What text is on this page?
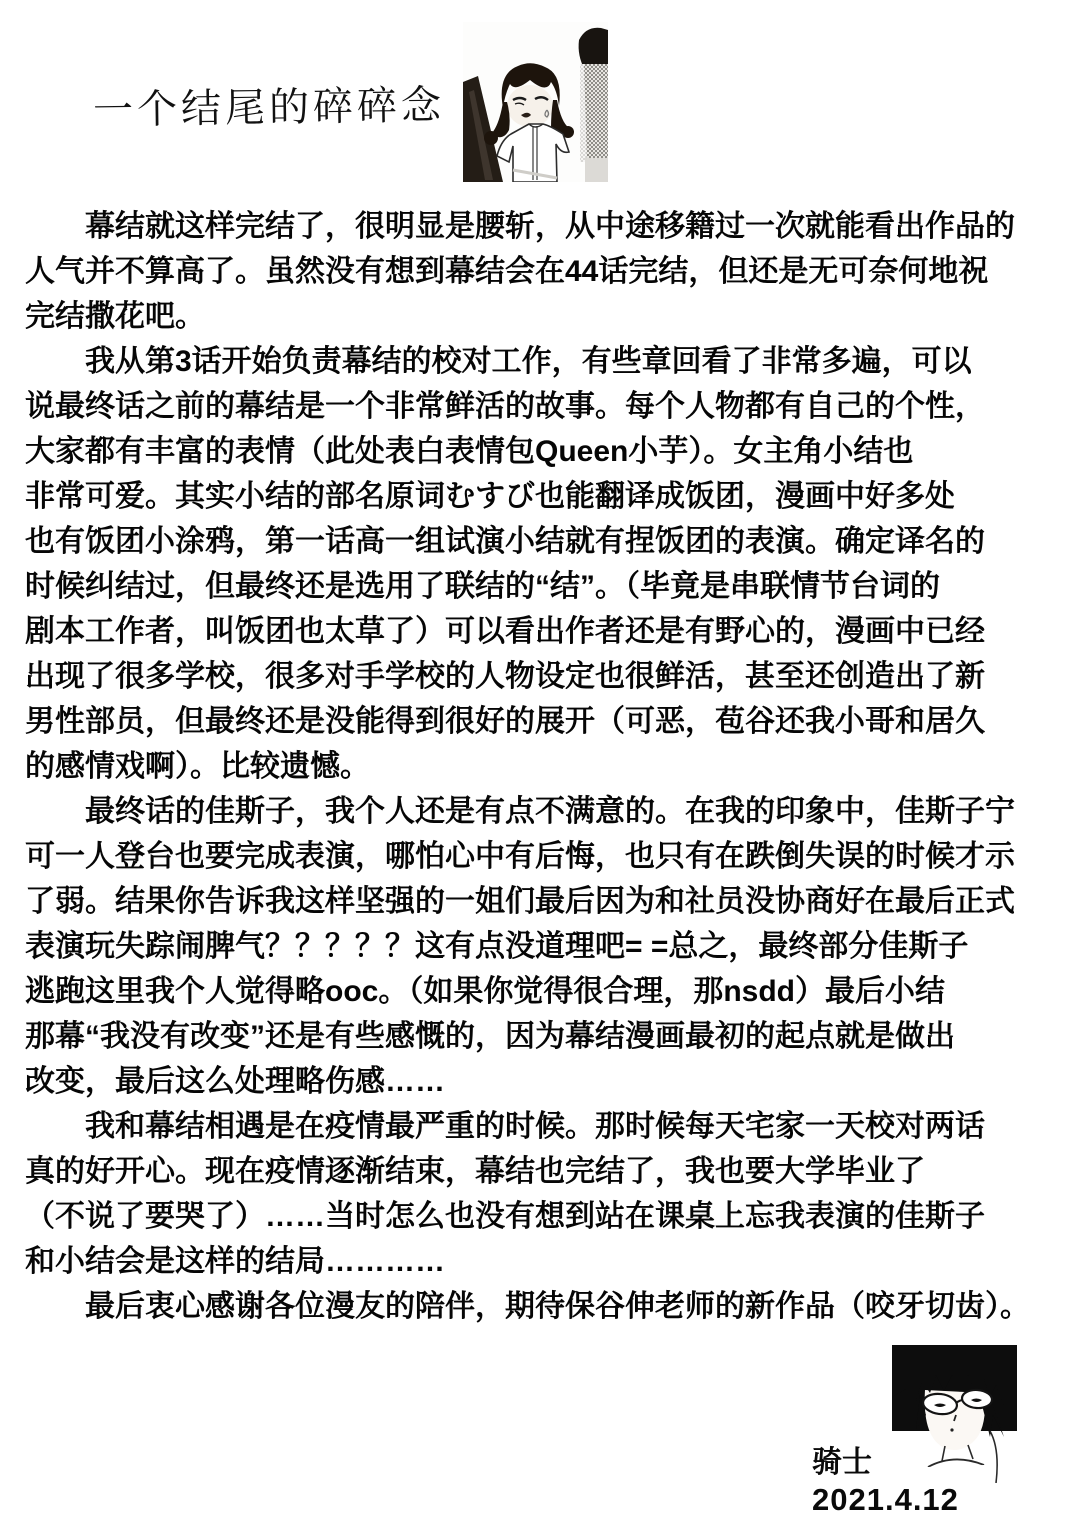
一个结尾的碎碎念

幕结就这样完结了，很明显是腰斩，从中途移籍过一次就能看出作品的
人气并不算高了。虽然没有想到幕结会在44话完结，但还是无可奈何地祝
完结撒花吧。

我从第3话开始负责幕结的校对工作，有些章回看了非常多遍，可以
说最终话之前的幕结是一个非常鲜活的故事。每个人物都有自己的个性，
大家都有丰富的表情（此处表白表情包Queen小芋）。女主角小结也
非常可爱。其实小结的部名原词むすび也能翻译成饭团，漫画中好多处
也有饭团小涂鸦，第一话高一组试演小结就有捏饭团的表演。确定译名的
时候纠结过，但最终还是选用了联结的“结”。（毕竟是串联情节台词的
剧本工作者，叫饭团也太草了）可以看出作者还是有野心的，漫画中已经
出现了很多学校，很多对手学校的人物设定也很鲜活，甚至还创造出了新
男性部员，但最终还是没能得到很好的展开（可恶，苞谷还我小哥和居久
的感情戏啊）。比较遗憾。

最终话的佳斯子，我个人还是有点不满意的。在我的印象中，佳斯子宁
可一人登台也要完成表演，哪怕心中有后悔，也只有在跌倒失误的时候才示
了弱。结果你告诉我这样坚强的一姐们最后因为和社员没协商好在最后正式
表演玩失踪闹脾气？？？？？这有点没道理吧= =总之，最终部分佳斯子
逃跑这里我个人觉得略ooc。（如果你觉得很合理，那nsdd）最后小结
那幕“我没有改变”还是有些感慨的，因为幕结漫画最初的起点就是做出
改变，最后这么处理略伤感……

我和幕结相遇是在疫情最严重的时候。那时候每天宅家一天校对两话
真的好开心。现在疫情逐渐结束，幕结也完结了，我也要大学毕业了
（不说了要哭了）……当时怎么也没有想到站在课桌上忘我表演的佳斯子
和小结会是这样的结局…………

最后衷心感谢各位漫友的陪伴，期待保谷伸老师的新作品（咬牙切齿）。

骑士
2021.4.12
